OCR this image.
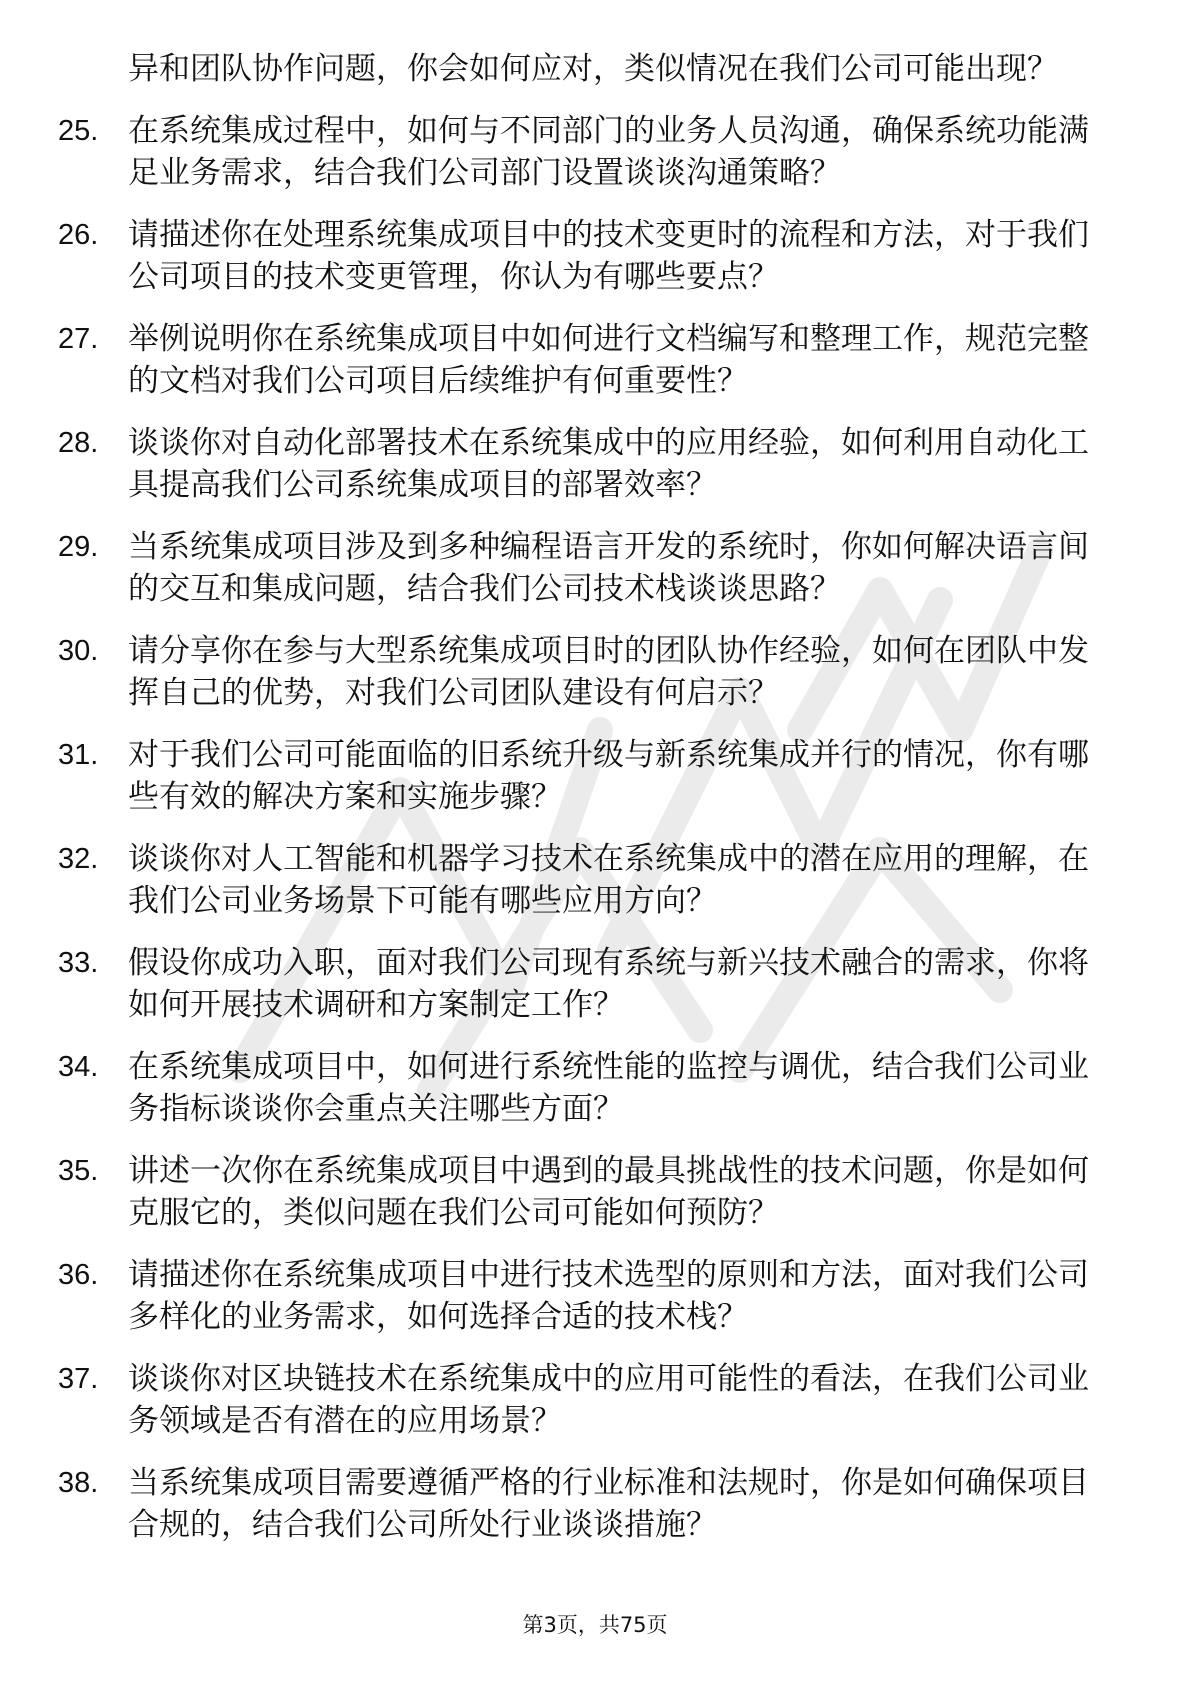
异和团队协作问题，你会如何应对，类似情况在我们公司可能出现？
25. 在系统集成过程中，如何与不同部门的业务人员沟通，确保系统功能满足业务需求，结合我们公司部门设置谈谈沟通策略？
26. 请描述你在处理系统集成项目中的技术变更时的流程和方法，对于我们公司项目的技术变更管理，你认为有哪些要点？
27. 举例说明你在系统集成项目中如何进行文档编写和整理工作，规范完整的文档对我们公司项目后续维护有何重要性？
28. 谈谈你对自动化部署技术在系统集成中的应用经验，如何利用自动化工具提高我们公司系统集成项目的部署效率？
29. 当系统集成项目涉及到多种编程语言开发的系统时，你如何解决语言间的交互和集成问题，结合我们公司技术栈谈谈思路？
30. 请分享你在参与大型系统集成项目时的团队协作经验，如何在团队中发挥自己的优势，对我们公司团队建设有何启示？
31. 对于我们公司可能面临的旧系统升级与新系统集成并行的情况，你有哪些有效的解决方案和实施步骤？
32. 谈谈你对人工智能和机器学习技术在系统集成中的潜在应用的理解，在我们公司业务场景下可能有哪些应用方向？
33. 假设你成功入职，面对我们公司现有系统与新兴技术融合的需求，你将如何开展技术调研和方案制定工作？
34. 在系统集成项目中，如何进行系统性能的监控与调优，结合我们公司业务指标谈谈你会重点关注哪些方面？
35. 讲述一次你在系统集成项目中遇到的最具挑战性的技术问题，你是如何克服它的，类似问题在我们公司可能如何预防？
36. 请描述你在系统集成项目中进行技术选型的原则和方法，面对我们公司多样化的业务需求，如何选择合适的技术栈？
37. 谈谈你对区块链技术在系统集成中的应用可能性的看法，在我们公司业务领域是否有潜在的应用场景？
38. 当系统集成项目需要遵循严格的行业标准和法规时，你是如何确保项目合规的，结合我们公司所处行业谈谈措施？
第3页，共75页
